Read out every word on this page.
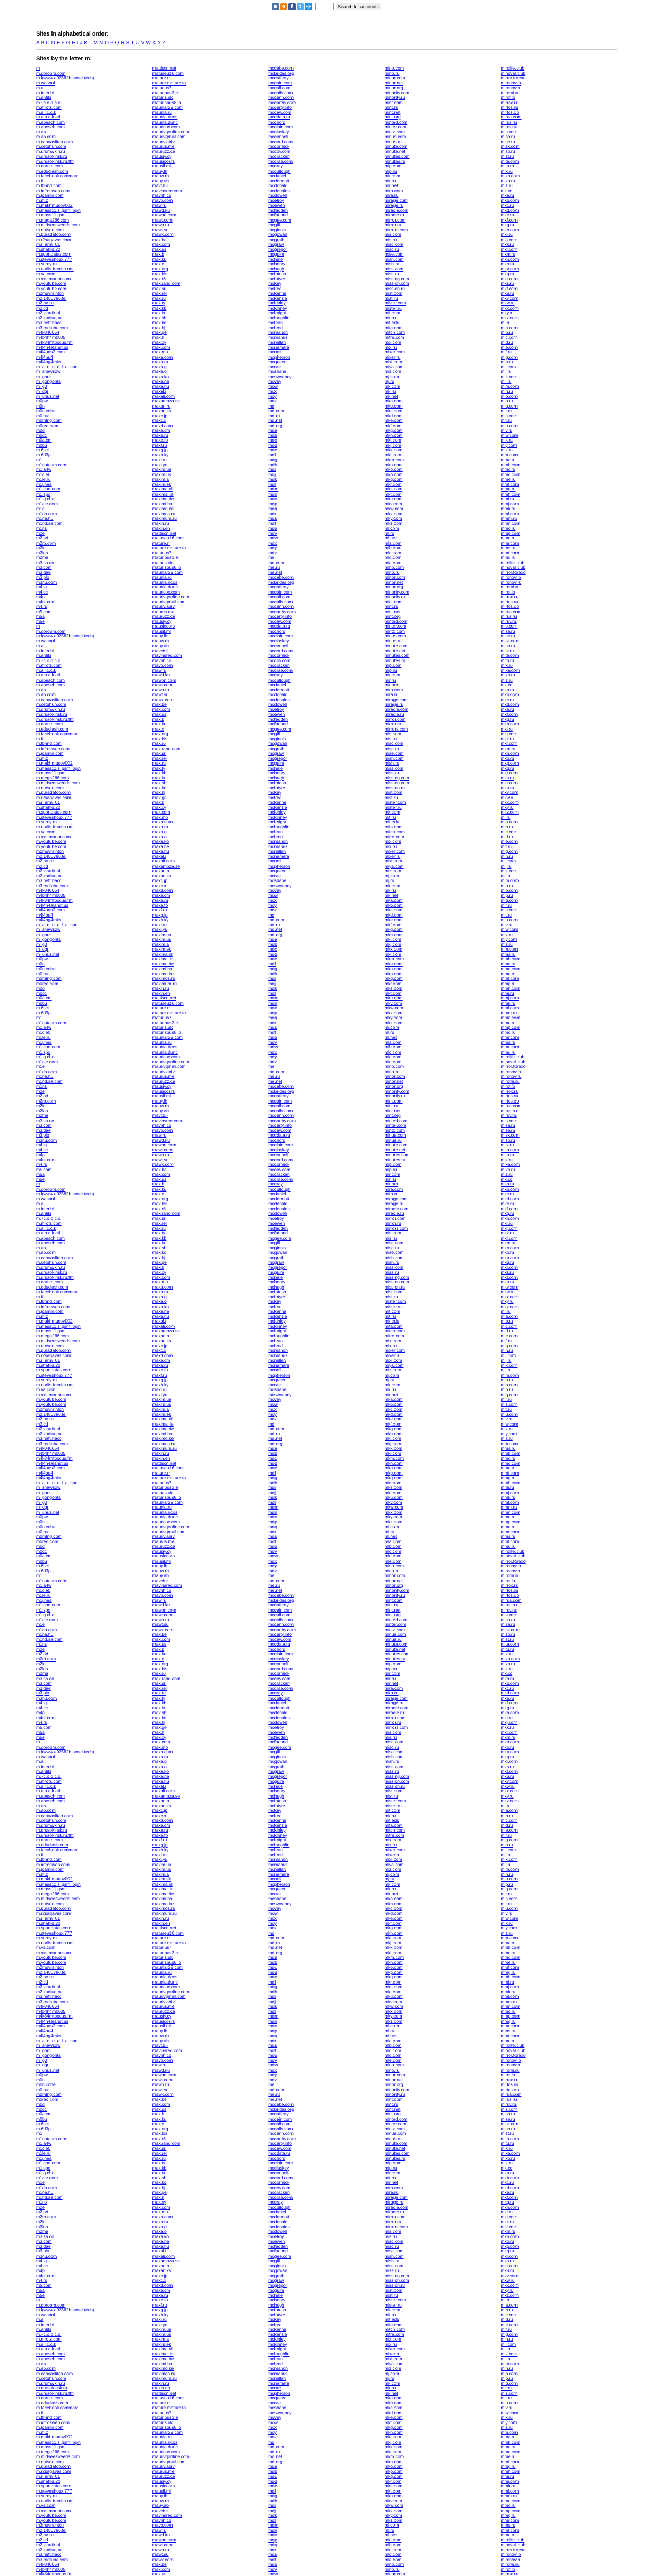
в	о	f	t	@	Search for accounts
Sites in alphabetical order:
A B C D E F G H I J K L M N O P Q R S T U V W X Y Z
Sites by the letter m:
m
m.dorobm.com
m.l(www.e92562b.tweet.tech)
m.wasnol
m.a
m.inter.bi
m.ahtiki
m.~c.o.d.c.o.
m.mrots.com
m.a.l.c.c.k
m.a.o.c.k.atl
m.abesch.com
m.abesch.com
m.ab
m.ab.com
m.canvaslitao.com
m.cetuhun.com
m.drumwkin.ru
m.drusokinsk.ru
m.drusokinsk.ru.fht
m.dartim.com
m.educlash.com
m.facebook.commarc
m.ff
m.fbhnd.com
m.idfroswen.com
m.joamin.com
m.m.z
m.makhmudov002
m.mass11.sl.gsm.login
m.mass11.gsm
m.mega266.com
m.midseesweeds.com
m.nutson.com
m.puradatoo.com
m.r2sagavas.com
m.r_arm_01
m.shahid.20
m.sportdatas.com
m.steveshoux.777
m.surey.ru
m.uorlis.fmmita.net
m.va.com
m.xxs.manbr.com
m.youtube.com
m.youtube.com
m2muvrsinton
m2.1480786.tei
m2.ho.ru
m2.cd
m2.icardinal
m2.kadiuq.net
m3.nett.hacc
m3.redtube.com
m4k040654
m4b4h4m0005
m4k84mtbodus.fm
m4l4n4alandt.us
m4l4uqs2.com
m4l4bu4
m4l4bg4mks
m_a_n_u_e_l_a_spo
m_shaws2w
m_gorc
m_gongonta
m_g0
m_dgr
m_uhuz.net
m0pw
m0n
m0n.cobe
m0.ruc
m0rnlng.com
m0reo.com
m0d
m0dc
m0a.cm
m0bu
m.6sci
m.6d3p
m1
m1nutesm.com
m1.a4w
m1c.e0
m1le.ru
m1j.nea
m1.coe.com
m1.spo
m1.g.chat
m1ale.com
m1e
m1da.com
m1na.hu
m1nd.sa.com
m1ns
m2e
m2.ad
m2ro.com
m2lu
m2loa
m2ma
m3.sa.co
m3.com
m3.dae
m3.plo
m3nu.com
m4.ig
m4.cc
m4p
m4rk.com
m4.ru
m5.com
m5a
m5e
m
m.dorobm.com
m.l(www.e92562b.tweet.tech)
m.wasnol
m.a
m.inter.bi
m.ahtiki
m.~c.o.d.c.o.
m.mrots.com
m.a.l.c.c.k
m.a.o.c.k.atl
m.abesch.com
m.abesch.com
m.ab
m.ab.com
m.canvaslitao.com
m.cetuhun.com
m.drumwkin.ru
m.drusokinsk.ru
m.drusokinsk.ru.fht
m.dartim.com
m.educlash.com
m.facebook.commarc
m.ff
m.fbhnd.com
m.idfroswen.com
m.joamin.com
m.m.z
m.makhmudov002
m.mass11.sl.gsm.login
m.mass11.gsm
m.mega266.com
m.midseesweeds.com
m.nutson.com
m.puradatoo.com
m.r2sagavas.com
m.r_arm_01
m.shahid.20
m.sportdatas.com
m.steveshoux.777
m.surey.ru
m.uorlis.fmmita.net
m.va.com
m.xxs.manbr.com
m.youtube.com
m.youtube.com
m2muvrsinton
m2.1480786.tei
m2.ho.ru
m2.cd
m2.icardinal
m2.kadiuq.net
m3.nett.hacc
m3.redtube.com
m4k040654
m4b4h4m0005
m4k84mtbodus.fm
m4l4n4alandt.us
m4l4uqs2.com
m4l4bu4
m4l4bg4mks
m_a_n_u_e_l_a_spo
m_shaws2w
m_gorc
m_gongonta
m_g0
m_dgr
m_uhuz.net
m0pw
m0n
m0n.cobe
m0.ruc
m0rnlng.com
m0reo.com
m0d
m0dc
m0a.cm
m0bu
m.6sci
m.6d3p
m1
m1nutesm.com
m1.a4w
m1c.e0
m1le.ru
m1j.nea
m1.coe.com
m1.spo
m1.g.chat
m1ale.com
m1e
m1da.com
m1na.hu
m1nd.sa.com
m1ns
m2e
m2.ad
m2ro.com
m2lu
m2loa
m2ma
m3.sa.co
m3.com
m3.dae
m3.plo
m3nu.com
m4.ig
m4.cc
m4p
m4rk.com
m4.ru
m5.com
m5a
m5e
m
m.dorobm.com
m.l(www.e92562b.tweet.tech)
m.wasnol
m.a
m.inter.bi
m.ahtiki
m.~c.o.d.c.o.
m.mrots.com
m.a.l.c.c.k
m.a.o.c.k.atl
m.abesch.com
m.abesch.com
m.ab
m.ab.com
m.canvaslitao.com
m.cetuhun.com
m.drumwkin.ru
m.drusokinsk.ru
m.drusokinsk.ru.fht
m.dartim.com
m.educlash.com
m.facebook.commarc
m.ff
m.fbhnd.com
m.idfroswen.com
m.joamin.com
m.m.z
m.makhmudov002
m.mass11.sl.gsm.login
m.mass11.gsm
m.mega266.com
m.midseesweeds.com
m.nutson.com
m.puradatoo.com
m.r2sagavas.com
m.r_arm_01
m.shahid.20
m.sportdatas.com
m.steveshoux.777
m.surey.ru
m.uorlis.fmmita.net
m.va.com
m.xxs.manbr.com
m.youtube.com
m.youtube.com
m2muvrsinton
m2.1480786.tei
m2.ho.ru
m2.cd
m2.icardinal
m2.kadiuq.net
m3.nett.hacc
m3.redtube.com
m4k040654
m4b4h4m0005
m4k84mtbodus.fm
m4l4n4alandt.us
m4l4uqs2.com
m4l4bu4
m4l4bg4mks
m_a_n_u_e_l_a_spo
m_shaws2w
m_gorc
m_gongonta
m_g0
m_dgr
m_uhuz.net
m0pw
m0n
m0n.cobe
m0.ruc
m0rnlng.com
m0reo.com
m0d
m0dc
m0a.cm
m0bu
m.6sci
m.6d3p
m1
m1nutesm.com
m1.a4w
m1c.e0
m1le.ru
m1j.nea
m1.coe.com
m1.spo
m1.g.chat
m1ale.com
m1e
m1da.com
m1na.hu
m1nd.sa.com
m1ns
m2e
m2.ad
m2ro.com
m2lu
m2loa
m2ma
m3.sa.co
m3.com
m3.dae
m3.plo
m3nu.com
m4.ig
m4.cc
m4p
m4rk.com
m4.ru
m5.com
m5a
m5e
m
m.dorobm.com
m.l(www.e92562b.tweet.tech)
m.wasnol
m.a
m.inter.bi
m.ahtiki
m.~c.o.d.c.o.
m.mrots.com
m.a.l.c.c.k
m.a.o.c.k.atl
m.abesch.com
m.abesch.com
m.ab
m.ab.com
m.canvaslitao.com
m.cetuhun.com
m.drumwkin.ru
m.drusokinsk.ru
m.drusokinsk.ru.fht
m.dartim.com
m.educlash.com
m.facebook.commarc
m.ff
m.fbhnd.com
m.idfroswen.com
m.joamin.com
m.m.z
m.makhmudov002
m.mass11.sl.gsm.login
m.mass11.gsm
m.mega266.com
m.midseesweeds.com
m.nutson.com
m.puradatoo.com
m.r2sagavas.com
m.r_arm_01
m.shahid.20
m.sportdatas.com
m.steveshoux.777
m.surey.ru
m.uorlis.fmmita.net
m.va.com
m.xxs.manbr.com
m.youtube.com
m.youtube.com
m2muvrsinton
m2.1480786.tei
m2.ho.ru
m2.cd
m2.icardinal
m2.kadiuq.net
m3.nett.hacc
m3.redtube.com
m4k040654
m4b4h4m0005
m4k84mtbodus.fm
m4l4n4alandt.us
m4l4uqs2.com
m4l4bu4
m4l4bg4mks
m_a_n_u_e_l_a_spo
m_shaws2w
m_gorc
m_gongonta
m_g0
m_dgr
m_uhuz.net
m0pw
m0n
m0n.cobe
m0.ruc
m0rnlng.com
m0reo.com
m0d
m0dc
m0a.cm
m0bu
m.6sci
m.6d3p
m1
m1nutesm.com
m1.a4w
m1c.e0
m1le.ru
m1j.nea
m1.coe.com
m1.spo
m1.g.chat
m1ale.com
m1e
m1da.com
m1na.hu
m1nd.sa.com
m1ns
m2e
m2.ad
m2ro.com
m2lu
m2loa
m2ma
m3.sa.co
m3.com
m3.dae
m3.plo
m3nu.com
m4.ig
m4.cc
m4p
m4rk.com
m4.ru
m5.com
m5a
m5e
m
m.dorobm.com
m.l(www.e92562b.tweet.tech)
m.wasnol
m.a
m.inter.bi
m.ahtiki
m.~c.o.d.c.o.
m.mrots.com
m.a.l.c.c.k
m.a.o.c.k.atl
m.abesch.com
m.abesch.com
m.ab
m.ab.com
m.canvaslitao.com
m.cetuhun.com
m.drumwkin.ru
m.drusokinsk.ru
m.drusokinsk.ru.fht
m.dartim.com
m.educlash.com
m.facebook.commarc
m.ff
m.fbhnd.com
m.idfroswen.com
m.joamin.com
m.m.z
m.makhmudov002
m.mass11.sl.gsm.login
m.mass11.gsm
m.mega266.com
m.midseesweeds.com
m.nutson.com
m.puradatoo.com
m.r2sagavas.com
m.r_arm_01
m.shahid.20
m.sportdatas.com
m.steveshoux.777
m.surey.ru
m.uorlis.fmmita.net
m.va.com
m.xxs.manbr.com
m.youtube.com
m.youtube.com
m2muvrsinton
m2.1480786.tei
m2.ho.ru
m2.cd
m2.icardinal
m2.kadiuq.net
m3.nett.hacc
m3.redtube.com
m4k040654
m4b4h4m0005
m4k84mtbodus.fm
mattiscn.net
matuseu16.com
mature.rr
mature.mature.to
maturius7
maturibus3.e
maturis.uk
maturisbus8.io
maunlar29.com
maunla.ru
maunla.ricos
maunla.dunc
mauricoc.com
maurivqonline.com
maurivgmail.com
mauriv.abiv
maurus.me
mauruzz.ca
mausiy.cy
mausicosrs
mausil.ml
mauy.lh
mauw.rb
mauy.ab
mavcb.ii
mavinsrec.com
mavnh.co
mavo.com
maw.ru
mawd.ku
mawon.com
mawt.com
mawo.ru
mawt.su
mawx.com
max.be
max.com
max.us
max.b
max.ku
max.c
max.org
max.bis
max.r6
max.rand.com
max.srl
max.rer
max.ru
max.ty
max.kb
max.ia
max.sh
max.ko
max.hj
max.ge
max.h
max.xy
max.com
max.mo
maxa.com
maxa.ru
maxa.g
maxa.o
maxa.ko
maxa.ne
maxa.hu
maxal.i
maxali.com
maxamoza.se
maxan.ru
maxan.ks
maxc.jp
maxc.x
maxd.com
maxe.cm
maxe.ru
maxe.fo
maxf.ru
maxg.jp
maxh.ky
maxi.ru
maxi.yu
maxim.ua
maxim.us
maxim.a
maxim.ek
maxima.nl
maximal.ie
maxime.de
maximi.ba
maximo.ke
maximos.ru
maximum.ru
maxin.ru
maxin.en
mattiscn.net
matuseu16.com
mature.rr
mature.mature.to
maturius7
maturibus3.e
maturis.uk
maturisbus8.io
maunlar29.com
maunla.ru
maunla.ricos
maunla.dunc
mauricoc.com
maurivqonline.com
maurivgmail.com
mauriv.abiv
maurus.me
mauruzz.ca
mausiy.cy
mausicosrs
mausil.ml
mauy.lh
mauw.rb
mauy.ab
mavcb.ii
mavinsrec.com
mavnh.co
mavo.com
maw.ru
mawd.ku
mawon.com
mawt.com
mawo.ru
mawt.su
mawx.com
max.be
max.com
max.us
max.b
max.ku
max.c
max.org
max.bis
max.r6
max.rand.com
max.srl
max.rer
max.ru
max.ty
max.kb
max.ia
max.sh
max.ko
max.hj
max.ge
max.h
max.xy
max.com
max.mo
maxa.com
maxa.ru
maxa.g
maxa.o
maxa.ko
maxa.ne
maxa.hu
maxal.i
maxali.com
maxamoza.se
maxan.ru
maxan.ks
maxc.jp
maxc.x
maxd.com
maxe.cm
maxe.ru
maxe.fo
maxf.ru
maxg.jp
maxh.ky
maxi.ru
maxi.yu
maxim.ua
maxim.us
maxim.a
maxim.ek
maxima.nl
maximal.ie
maxime.de
maximi.ba
maximo.ke
maximos.ru
maximum.ru
maxin.ru
maxin.en
mattiscn.net
matuseu16.com
mature.rr
mature.mature.to
maturius7
maturibus3.e
maturis.uk
maturisbus8.io
maunlar29.com
maunla.ru
maunla.ricos
maunla.dunc
mauricoc.com
maurivqonline.com
maurivgmail.com
mauriv.abiv
maurus.me
mauruzz.ca
mausiy.cy
mausicosrs
mausil.ml
mauy.lh
mauw.rb
mauy.ab
mavcb.ii
mavinsrec.com
mavnh.co
mavo.com
maw.ru
mawd.ku
mawon.com
mawt.com
mawo.ru
mawt.su
mawx.com
max.be
max.com
max.us
max.b
max.ku
max.c
max.org
max.bis
max.r6
max.rand.com
max.srl
max.rer
max.ru
max.ty
max.kb
max.ia
max.sh
max.ko
max.hj
max.ge
max.h
max.xy
max.com
max.mo
maxa.com
maxa.ru
maxa.g
maxa.o
maxa.ko
maxa.ne
maxa.hu
maxal.i
maxali.com
maxamoza.se
maxan.ru
maxan.ks
maxc.jp
maxc.x
maxd.com
maxe.cm
maxe.ru
maxe.fo
maxf.ru
maxg.jp
maxh.ky
maxi.ru
maxi.yu
maxim.ua
maxim.us
maxim.a
maxim.ek
maxima.nl
maximal.ie
maxime.de
maximi.ba
maximo.ke
maximos.ru
maximum.ru
maxin.ru
maxin.en
mattiscn.net
matuseu16.com
mature.rr
mature.mature.to
maturius7
maturibus3.e
maturis.uk
maturisbus8.io
maunlar29.com
maunla.ru
maunla.ricos
maunla.dunc
mauricoc.com
maurivqonline.com
maurivgmail.com
mauriv.abiv
maurus.me
mauruzz.ca
mausiy.cy
mausicosrs
mausil.ml
mauy.lh
mauw.rb
mauy.ab
mavcb.ii
mavinsrec.com
mavnh.co
mavo.com
maw.ru
mawd.ku
mawon.com
mawt.com
mawo.ru
mawt.su
mawx.com
max.be
max.com
max.us
max.b
max.ku
max.c
max.org
max.bis
max.r6
max.rand.com
max.srl
max.rer
max.ru
max.ty
max.kb
max.ia
max.sh
max.ko
max.hj
max.ge
max.h
max.xy
max.com
max.mo
maxa.com
maxa.ru
maxa.g
maxa.o
maxa.ko
maxa.ne
maxa.hu
maxal.i
maxali.com
maxamoza.se
maxan.ru
maxan.ks
maxc.jp
maxc.x
maxd.com
maxe.cm
maxe.ru
maxe.fo
maxf.ru
maxg.jp
maxh.ky
maxi.ru
maxi.yu
maxim.ua
maxim.us
maxim.a
maxim.ek
maxima.nl
maximal.ie
maxime.de
maximi.ba
maximo.ke
maximos.ru
maximum.ru
maxin.ru
maxin.en
mattiscn.net
matuseu16.com
mature.rr
mature.mature.to
maturius7
maturibus3.e
maturis.uk
maturisbus8.io
maunlar29.com
maunla.ru
maunla.ricos
maunla.dunc
mauricoc.com
maurivqonline.com
maurivgmail.com
mauriv.abiv
maurus.me
mauruzz.ca
mausiy.cy
mausicosrs
mausil.ml
mauy.lh
mauw.rb
mauy.ab
mavcb.ii
mavinsrec.com
mavnh.co
mavo.com
maw.ru
mawd.ku
mawon.com
mawt.com
mawo.ru
mawt.su
mawx.com
max.be
max.com
max.us
max.b
max.ku
max.c
max.org
max.bis
max.r6
max.rand.com
max.srl
max.rer
max.ru
max.ty
max.kb
max.ia
max.sh
max.ko
max.hj
max.ge
max.h
max.xy
max.com
max.mo
maxa.com
maxa.ru
maxa.g
maxa.o
maxa.ko
maxa.ne
maxa.hu
maxal.i
maxali.com
maxamoza.se
maxan.ru
maxan.ks
maxc.jp
maxc.x
maxd.com
maxe.cm
maxe.ru
maxe.fo
maxf.ru
maxg.jp
maxh.ky
maxi.ru
maxi.yu
maxim.ua
maxim.us
maxim.a
maxim.ek
maxima.nl
maximal.ie
maxime.de
maximi.ba
maximo.ke
maximos.ru
maximum.ru
maxin.ru
maxin.en
mattiscn.net
matuseu16.com
mature.rr
mature.mature.to
maturius7
maturibus3.e
maturis.uk
maturisbus8.io
maunlar29.com
maunla.ru
maunla.ricos
maunla.dunc
mauricoc.com
maurivqonline.com
maurivgmail.com
mauriv.abiv
maurus.me
mauruzz.ca
mausiy.cy
mausicosrs
mausil.ml
mauy.lh
mauw.rb
mauy.ab
mavcb.ii
mavinsrec.com
mavnh.co
mavo.com
maw.ru
mawd.ku
mawon.com
mawt.com
mawo.ru
mawt.su
mawx.com
max.be
max.com
max.us
mccabe.com
mcbrides.org
mccafferty
mccain.com
mccall.com
mccalls.com
mccann.com
mccarthy.com
mccarty.info
mccaw.com
mccdata.ru
mcchord
mcclain.com
mccluskey
mcconnell
mccord.com
mccormick
mccoy.com
mccracken
mccrae.com
mccray
mccullough
mcdaniel
mcdermott
mcdonald
mcdonalds
mcdowell
mcelroy
mcewen
mcfadden
mcfarland
mcgee.com
mcgill
mcginnis
mcgowan
mcgrath
mcgraw
mcgregor
mcguire
mchale
mchenry
mchugh
mcintosh
mcintyre
mckay
mckee
mckenna
mckenzie
mckinley
mckinney
mcknight
mclaughlin
mclean
mcleod
mcmahon
mcmanus
mcmillan
mcnamara
mcneil
mcpherson
mcqueen
mcrae
mcshane
mcsweeney
mcvey
mcw
mcx
mcy
mcz
md
md.com
md.ru
md.net
md.org
mda
mdb
mdc
mdd
mde
mdf
mdg
mdh
mdi
mdj
mdk
mdl
mdm
mdn
mdo
mdp
mdq
mdr
mds
mdt
mdu
mdv
mdw
mdx
mdy
mdz
me
me.com
me.ru
me.net
mccabe.com
mcbrides.org
mccafferty
mccain.com
mccall.com
mccalls.com
mccann.com
mccarthy.com
mccarty.info
mccaw.com
mccdata.ru
mcchord
mcclain.com
mccluskey
mcconnell
mccord.com
mccormick
mccoy.com
mccracken
mccrae.com
mccray
mccullough
mcdaniel
mcdermott
mcdonald
mcdonalds
mcdowell
mcelroy
mcewen
mcfadden
mcfarland
mcgee.com
mcgill
mcginnis
mcgowan
mcgrath
mcgraw
mcgregor
mcguire
mchale
mchenry
mchugh
mcintosh
mcintyre
mckay
mckee
mckenna
mckenzie
mckinley
mckinney
mcknight
mclaughlin
mclean
mcleod
mcmahon
mcmanus
mcmillan
mcnamara
mcneil
mcpherson
mcqueen
mcrae
mcshane
mcsweeney
mcvey
mcw
mcx
mcy
mcz
md
md.com
md.ru
md.net
md.org
mda
mdb
mdc
mdd
mde
mdf
mdg
mdh
mdi
mdj
mdk
mdl
mdm
mdn
mdo
mdp
mdq
mdr
mds
mdt
mdu
mdv
mdw
mdx
mdy
mdz
me
me.com
me.ru
me.net
mccabe.com
mcbrides.org
mccafferty
mccain.com
mccall.com
mccalls.com
mccann.com
mccarthy.com
mccarty.info
mccaw.com
mccdata.ru
mcchord
mcclain.com
mccluskey
mcconnell
mccord.com
mccormick
mccoy.com
mccracken
mccrae.com
mccray
mccullough
mcdaniel
mcdermott
mcdonald
mcdonalds
mcdowell
mcelroy
mcewen
mcfadden
mcfarland
mcgee.com
mcgill
mcginnis
mcgowan
mcgrath
mcgraw
mcgregor
mcguire
mchale
mchenry
mchugh
mcintosh
mcintyre
mckay
mckee
mckenna
mckenzie
mckinley
mckinney
mcknight
mclaughlin
mclean
mcleod
mcmahon
mcmanus
mcmillan
mcnamara
mcneil
mcpherson
mcqueen
mcrae
mcshane
mcsweeney
mcvey
mcw
mcx
mcy
mcz
md
md.com
md.ru
md.net
md.org
mda
mdb
mdc
mdd
mde
mdf
mdg
mdh
mdi
mdj
mdk
mdl
mdm
mdn
mdo
mdp
mdq
mdr
mds
mdt
mdu
mdv
mdw
mdx
mdy
mdz
me
me.com
me.ru
me.net
mccabe.com
mcbrides.org
mccafferty
mccain.com
mccall.com
mccalls.com
mccann.com
mccarthy.com
mccarty.info
mccaw.com
mccdata.ru
mcchord
mcclain.com
mccluskey
mcconnell
mccord.com
mccormick
mccoy.com
mccracken
mccrae.com
mccray
mccullough
mcdaniel
mcdermott
mcdonald
mcdonalds
mcdowell
mcelroy
mcewen
mcfadden
mcfarland
mcgee.com
mcgill
mcginnis
mcgowan
mcgrath
mcgraw
mcgregor
mcguire
mchale
mchenry
mchugh
mcintosh
mcintyre
mckay
mckee
mckenna
mckenzie
mckinley
mckinney
mcknight
mclaughlin
mclean
mcleod
mcmahon
mcmanus
mcmillan
mcnamara
mcneil
mcpherson
mcqueen
mcrae
mcshane
mcsweeney
mcvey
mcw
mcx
mcy
mcz
md
md.com
md.ru
md.net
md.org
mda
mdb
mdc
mdd
mde
mdf
mdg
mdh
mdi
mdj
mdk
mdl
mdm
mdn
mdo
mdp
mdq
mdr
mds
mdt
mdu
mdv
mdw
mdx
mdy
mdz
me
me.com
me.ru
me.net
mccabe.com
mcbrides.org
mccafferty
mccain.com
mccall.com
mccalls.com
mccann.com
mccarthy.com
mccarty.info
mccaw.com
mccdata.ru
mcchord
mcclain.com
mccluskey
mcconnell
mccord.com
mccormick
mccoy.com
mccracken
mccrae.com
mccray
mccullough
mcdaniel
mcdermott
mcdonald
mcdonalds
mcdowell
mcelroy
mcewen
mcfadden
mcfarland
mcgee.com
mcgill
mcginnis
mcgowan
mcgrath
mcgraw
mcgregor
mcguire
mchale
mchenry
mchugh
mcintosh
mcintyre
mckay
mckee
mckenna
mckenzie
mckinley
mckinney
mcknight
mclaughlin
mclean
mcleod
mcmahon
mcmanus
mcmillan
mcnamara
mcneil
mcpherson
mcqueen
mcrae
mcshane
mcsweeney
mcvey
mcw
mcx
mcy
mcz
md
md.com
md.ru
md.net
md.org
mda
mdb
mdc
mdd
mde
mdf
mdg
mdh
mdi
mdj
mdk
mdl
mdm
mdn
mdo
mdp
mdq
mdr
mds
mdt
mdu
mdv
mdw
mino.com
mino.ru
minor.com
minor.net
minor.org
minority.com
minority.ru
mint.com
mint.ru
mint.net
mint.org
minted.com
minter.com
mintz.com
minus.com
minus.ru
minute.com
minute.net
minutes.com
minutes.ru
mip.com
mip.ru
mir.com
mir.ru
mir.net
mira.com
mira.ru
mirage.com
mirage.ru
miracle.com
miracle.ru
mirror.com
mirror.ru
mirrors.com
mis.com
mis.ru
misc.com
misc.ru
mise.com
mish.com
mish.ru
miss.com
miss.ru
missing.com
mission.com
mission.ru
mist.com
mist.ru
mister.com
mister.ru
mit.com
mit.ru
mit.edu
mita.com
mitch.com
mitre.com
mix.com
mix.ru
mixer.com
mixer.ru
mixi.com
miya.com
miz.com
mj.com
mj.ru
mk.com
mk.ru
mk.net
mka.com
mkb.com
mkc.com
mkd.com
mke.com
mkf.com
mkg.com
mkh.com
mki.com
mkj.com
mkk.com
mkl.com
mkm.com
mkn.com
mko.com
mkp.com
mkq.com
mkr.com
mks.com
mkt.com
mku.com
mkv.com
mkw.com
mkx.com
mky.com
mkz.com
ml.com
ml.ru
ml.net
mla.com
mlb.com
mlc.com
mld.com
mle.com
mino.com
mino.ru
minor.com
minor.net
minor.org
minority.com
minority.ru
mint.com
mint.ru
mint.net
mint.org
minted.com
minter.com
mintz.com
minus.com
minus.ru
minute.com
minute.net
minutes.com
minutes.ru
mip.com
mip.ru
mir.com
mir.ru
mir.net
mira.com
mira.ru
mirage.com
mirage.ru
miracle.com
miracle.ru
mirror.com
mirror.ru
mirrors.com
mis.com
mis.ru
misc.com
misc.ru
mise.com
mish.com
mish.ru
miss.com
miss.ru
missing.com
mission.com
mission.ru
mist.com
mist.ru
mister.com
mister.ru
mit.com
mit.ru
mit.edu
mita.com
mitch.com
mitre.com
mix.com
mix.ru
mixer.com
mixer.ru
mixi.com
miya.com
miz.com
mj.com
mj.ru
mk.com
mk.ru
mk.net
mka.com
mkb.com
mkc.com
mkd.com
mke.com
mkf.com
mkg.com
mkh.com
mki.com
mkj.com
mkk.com
mkl.com
mkm.com
mkn.com
mko.com
mkp.com
mkq.com
mkr.com
mks.com
mkt.com
mku.com
mkv.com
mkw.com
mkx.com
mky.com
mkz.com
ml.com
ml.ru
ml.net
mla.com
mlb.com
mlc.com
mld.com
mle.com
mino.com
mino.ru
minor.com
minor.net
minor.org
minority.com
minority.ru
mint.com
mint.ru
mint.net
mint.org
minted.com
minter.com
mintz.com
minus.com
minus.ru
minute.com
minute.net
minutes.com
minutes.ru
mip.com
mip.ru
mir.com
mir.ru
mir.net
mira.com
mira.ru
mirage.com
mirage.ru
miracle.com
miracle.ru
mirror.com
mirror.ru
mirrors.com
mis.com
mis.ru
misc.com
misc.ru
mise.com
mish.com
mish.ru
miss.com
miss.ru
missing.com
mission.com
mission.ru
mist.com
mist.ru
mister.com
mister.ru
mit.com
mit.ru
mit.edu
mita.com
mitch.com
mitre.com
mix.com
mix.ru
mixer.com
mixer.ru
mixi.com
miya.com
miz.com
mj.com
mj.ru
mk.com
mk.ru
mk.net
mka.com
mkb.com
mkc.com
mkd.com
mke.com
mkf.com
mkg.com
mkh.com
mki.com
mkj.com
mkk.com
mkl.com
mkm.com
mkn.com
mko.com
mkp.com
mkq.com
mkr.com
mks.com
mkt.com
mku.com
mkv.com
mkw.com
mkx.com
mky.com
mkz.com
ml.com
ml.ru
ml.net
mla.com
mlb.com
mlc.com
mld.com
mle.com
mino.com
mino.ru
minor.com
minor.net
minor.org
minority.com
minority.ru
mint.com
mint.ru
mint.net
mint.org
minted.com
minter.com
mintz.com
minus.com
minus.ru
minute.com
minute.net
minutes.com
minutes.ru
mip.com
mip.ru
mir.com
mir.ru
mir.net
mira.com
mira.ru
mirage.com
mirage.ru
miracle.com
miracle.ru
mirror.com
mirror.ru
mirrors.com
mis.com
mis.ru
misc.com
misc.ru
mise.com
mish.com
mish.ru
miss.com
miss.ru
missing.com
mission.com
mission.ru
mist.com
mist.ru
mister.com
mister.ru
mit.com
mit.ru
mit.edu
mita.com
mitch.com
mitre.com
mix.com
mix.ru
mixer.com
mixer.ru
mixi.com
miya.com
miz.com
mj.com
mj.ru
mk.com
mk.ru
mk.net
mka.com
mkb.com
mkc.com
mkd.com
mke.com
mkf.com
mkg.com
mkh.com
mki.com
mkj.com
mkk.com
mkl.com
mkm.com
mkn.com
mko.com
mkp.com
mkq.com
mkr.com
mks.com
mkt.com
mku.com
mkv.com
mkw.com
mkx.com
mky.com
mkz.com
ml.com
ml.ru
ml.net
mla.com
mlb.com
mlc.com
mld.com
mle.com
mino.com
mino.ru
minor.com
minor.net
minor.org
minority.com
minority.ru
mint.com
mint.ru
mint.net
mint.org
minted.com
minter.com
mintz.com
minus.com
minus.ru
minute.com
minute.net
minutes.com
minutes.ru
mip.com
mip.ru
mir.com
mir.ru
mir.net
mira.com
mira.ru
mirage.com
mirage.ru
miracle.com
miracle.ru
mirror.com
mirror.ru
mirrors.com
mis.com
mis.ru
misc.com
misc.ru
mise.com
mish.com
mish.ru
miss.com
miss.ru
missing.com
mission.com
mission.ru
mist.com
mist.ru
mister.com
mister.ru
mit.com
mit.ru
mit.edu
mita.com
mitch.com
mitre.com
mix.com
mix.ru
mixer.com
mixer.ru
mixi.com
miya.com
miz.com
mj.com
mj.ru
mk.com
mk.ru
mk.net
mka.com
mkb.com
mkc.com
mkd.com
mke.com
mkf.com
mkg.com
mkh.com
mki.com
mkj.com
mkk.com
mkl.com
mkm.com
mkn.com
mko.com
mkp.com
mkq.com
mkr.com
mks.com
mkt.com
mku.com
mkv.com
mkw.com
mkx.com
mky.com
mkz.com
ml.com
ml.ru
ml.net
mla.com
mlb.com
mlc.com
mld.com
mle.com
mino.com
mino.ru
minor.com
mirolife.club
minoval.club
mirror.forexo
mironov.lo
mironov.ru
mirorni.ru
mirot.lo
mirrox.ru
mirtos.ru
mirtos.co
mirua.com
mirus.ru
miruv.ru
mis.com
misa.ru
mise.ru
misk.com
miso.ru
mist.ru
mita.com
mitu.ru
mix.ru
mixa.com
mixo.ru
miz.ru
mk.co
mka.ru
mkb.com
mkc.ru
mkd.com
mke.ru
mkf.com
mkg.ru
mkh.com
mki.ru
mkj.com
mkk.ru
mkl.com
mkm.ru
mkn.com
mko.ru
mkp.com
mkq.ru
mkr.com
mks.ru
mkt.com
mku.ru
mkv.com
mkw.ru
mkx.com
mky.ru
mkz.com
ml.ru
mla.com
mlb.ru
mlc.com
mld.ru
mle.com
mlf.ru
mlg.com
mlh.ru
mli.com
mlj.ru
mlk.com
mll.ru
mlm.com
mln.ru
mlo.com
mlp.ru
mlq.com
mlr.ru
mls.com
mlt.ru
mlu.com
mlv.ru
mlw.com
mlx.ru
mly.com
mlz.ru
mm.com
mma.ru
mmb.com
mmc.ru
mmd.com
mme.ru
mmf.com
mmg.ru
mmh.com
mmi.ru
mmj.com
mmk.ru
mml.com
mmm.ru
mmn.com
mmo.ru
mmp.com
mmq.ru
mmr.com
mms.ru
mmt.com
mmu.ru
mirolife.club
minoval.club
mirror.forexo
mironov.lo
mironov.ru
mirorni.ru
mirot.lo
mirrox.ru
mirtos.ru
mirtos.co
mirua.com
mirus.ru
miruv.ru
mis.com
misa.ru
mise.ru
misk.com
miso.ru
mist.ru
mita.com
mitu.ru
mix.ru
mixa.com
mixo.ru
miz.ru
mk.co
mka.ru
mkb.com
mkc.ru
mkd.com
mke.ru
mkf.com
mkg.ru
mkh.com
mki.ru
mkj.com
mkk.ru
mkl.com
mkm.ru
mkn.com
mko.ru
mkp.com
mkq.ru
mkr.com
mks.ru
mkt.com
mku.ru
mkv.com
mkw.ru
mkx.com
mky.ru
mkz.com
ml.ru
mla.com
mlb.ru
mlc.com
mld.ru
mle.com
mlf.ru
mlg.com
mlh.ru
mli.com
mlj.ru
mlk.com
mll.ru
mlm.com
mln.ru
mlo.com
mlp.ru
mlq.com
mlr.ru
mls.com
mlt.ru
mlu.com
mlv.ru
mlw.com
mlx.ru
mly.com
mlz.ru
mm.com
mma.ru
mmb.com
mmc.ru
mmd.com
mme.ru
mmf.com
mmg.ru
mmh.com
mmi.ru
mmj.com
mmk.ru
mml.com
mmm.ru
mmn.com
mmo.ru
mmp.com
mmq.ru
mmr.com
mms.ru
mmt.com
mmu.ru
mirolife.club
minoval.club
mirror.forexo
mironov.lo
mironov.ru
mirorni.ru
mirot.lo
mirrox.ru
mirtos.ru
mirtos.co
mirua.com
mirus.ru
miruv.ru
mis.com
misa.ru
mise.ru
misk.com
miso.ru
mist.ru
mita.com
mitu.ru
mix.ru
mixa.com
mixo.ru
miz.ru
mk.co
mka.ru
mkb.com
mkc.ru
mkd.com
mke.ru
mkf.com
mkg.ru
mkh.com
mki.ru
mkj.com
mkk.ru
mkl.com
mkm.ru
mkn.com
mko.ru
mkp.com
mkq.ru
mkr.com
mks.ru
mkt.com
mku.ru
mkv.com
mkw.ru
mkx.com
mky.ru
mkz.com
ml.ru
mla.com
mlb.ru
mlc.com
mld.ru
mle.com
mlf.ru
mlg.com
mlh.ru
mli.com
mlj.ru
mlk.com
mll.ru
mlm.com
mln.ru
mlo.com
mlp.ru
mlq.com
mlr.ru
mls.com
mlt.ru
mlu.com
mlv.ru
mlw.com
mlx.ru
mly.com
mlz.ru
mm.com
mma.ru
mmb.com
mmc.ru
mmd.com
mme.ru
mmf.com
mmg.ru
mmh.com
mmi.ru
mmj.com
mmk.ru
mml.com
mmm.ru
mmn.com
mmo.ru
mmp.com
mmq.ru
mmr.com
mms.ru
mmt.com
mmu.ru
mirolife.club
minoval.club
mirror.forexo
mironov.lo
mironov.ru
mirorni.ru
mirot.lo
mirrox.ru
mirtos.ru
mirtos.co
mirua.com
mirus.ru
miruv.ru
mis.com
misa.ru
mise.ru
misk.com
miso.ru
mist.ru
mita.com
mitu.ru
mix.ru
mixa.com
mixo.ru
miz.ru
mk.co
mka.ru
mkb.com
mkc.ru
mkd.com
mke.ru
mkf.com
mkg.ru
mkh.com
mki.ru
mkj.com
mkk.ru
mkl.com
mkm.ru
mkn.com
mko.ru
mkp.com
mkq.ru
mkr.com
mks.ru
mkt.com
mku.ru
mkv.com
mkw.ru
mkx.com
mky.ru
mkz.com
ml.ru
mla.com
mlb.ru
mlc.com
mld.ru
mle.com
mlf.ru
mlg.com
mlh.ru
mli.com
mlj.ru
mlk.com
mll.ru
mlm.com
mln.ru
mlo.com
mlp.ru
mlq.com
mlr.ru
mls.com
mlt.ru
mlu.com
mlv.ru
mlw.com
mlx.ru
mly.com
mlz.ru
mm.com
mma.ru
mmb.com
mmc.ru
mmd.com
mme.ru
mmf.com
mmg.ru
mmh.com
mmi.ru
mmj.com
mmk.ru
mml.com
mmm.ru
mmn.com
mmo.ru
mmp.com
mmq.ru
mmr.com
mms.ru
mmt.com
mmu.ru
mirolife.club
minoval.club
mirror.forexo
mironov.lo
mironov.ru
mirorni.ru
mirot.lo
mirrox.ru
mirtos.ru
mirtos.co
mirua.com
mirus.ru
miruv.ru
mis.com
misa.ru
mise.ru
misk.com
miso.ru
mist.ru
mita.com
mitu.ru
mix.ru
mixa.com
mixo.ru
miz.ru
mk.co
mka.ru
mkb.com
mkc.ru
mkd.com
mke.ru
mkf.com
mkg.ru
mkh.com
mki.ru
mkj.com
mkk.ru
mkl.com
mkm.ru
mkn.com
mko.ru
mkp.com
mkq.ru
mkr.com
mks.ru
mkt.com
mku.ru
mkv.com
mkw.ru
mkx.com
mky.ru
mkz.com
ml.ru
mla.com
mlb.ru
mlc.com
mld.ru
mle.com
mlf.ru
mlg.com
mlh.ru
mli.com
mlj.ru
mlk.com
mll.ru
mlm.com
mln.ru
mlo.com
mlp.ru
mlq.com
mlr.ru
mls.com
mlt.ru
mlu.com
mlv.ru
mlw.com
mlx.ru
mly.com
mlz.ru
mm.com
mma.ru
mmb.com
mmc.ru
mmd.com
mme.ru
mmf.com
mmg.ru
mmh.com
mmi.ru
mmj.com
mmk.ru
mml.com
mmm.ru
mmn.com
mmo.ru
mmp.com
mmq.ru
mmr.com
mms.ru
mmt.com
mmu.ru
mirolife.club
minoval.club
mirror.forexo
mironov.lo
mironov.ru
mirorni.ru
mirot.lo
mirrox.ru
